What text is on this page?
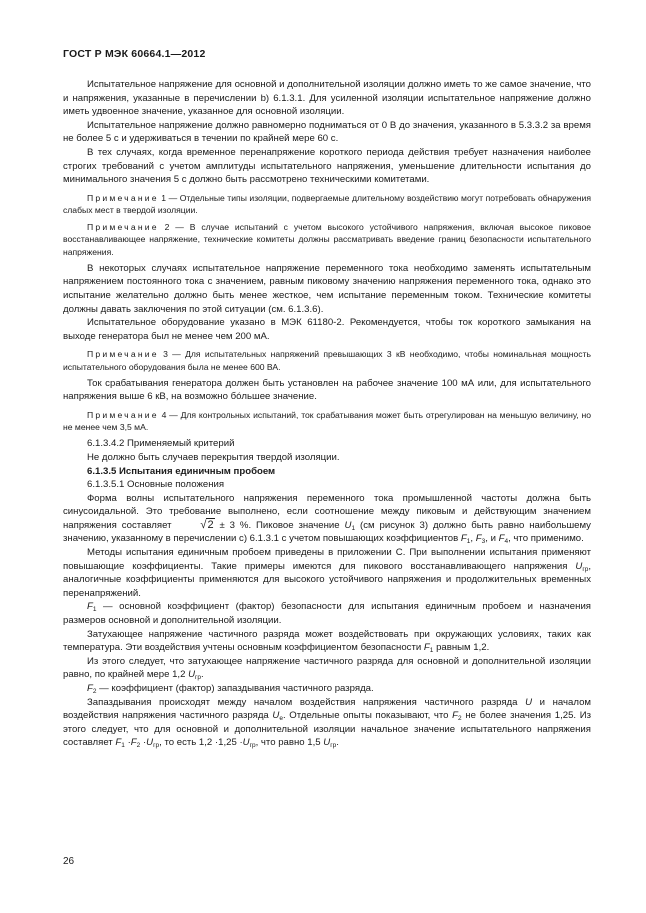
ГОСТ Р МЭК 60664.1—2012

Испытательное напряжение для основной и дополнительной изоляции должно иметь то же самое значение, что и напряжения, указанные в перечислении b) 6.1.3.1. Для усиленной изоляции испытательное напряжение должно иметь удвоенное значение, указанное для основной изоляции.

Испытательное напряжение должно равномерно подниматься от 0 В до значения, указанного в 5.3.3.2 за время не более 5 с и удерживаться в течении по крайней мере 60 с.

В тех случаях, когда временное перенапряжение короткого периода действия требует назначения наиболее строгих требований с учетом амплитуды испытательного напряжения, уменьшение длительности испытания до минимального значения 5 с должно быть рассмотрено техническими комитетами.

Примечание 1 — Отдельные типы изоляции, подвергаемые длительному воздействию могут потребовать обнаружения слабых мест в твердой изоляции.

Примечание 2 — В случае испытаний с учетом высокого устойчивого напряжения, включая высокое пиковое восстанавливающее напряжение, технические комитеты должны рассматривать введение границ безопасности испытательного напряжения.

В некоторых случаях испытательное напряжение переменного тока необходимо заменять испытательным напряжением постоянного тока с значением, равным пиковому значению напряжения переменного тока, однако это испытание желательно должно быть менее жесткое, чем испытание переменным током. Технические комитеты должны давать заключения по этой ситуации (см. 6.1.3.6).

Испытательное оборудование указано в МЭК 61180-2. Рекомендуется, чтобы ток короткого замыкания на выходе генератора был не менее чем 200 мА.

Примечание 3 — Для испытательных напряжений превышающих 3 кВ необходимо, чтобы номинальная мощность испытательного оборудования была не менее 600 ВА.

Ток срабатывания генератора должен быть установлен на рабочее значение 100 мА или, для испытательного напряжения выше 6 кВ, на возможно бóльшее значение.

Примечание 4 — Для контрольных испытаний, ток срабатывания может быть отрегулирован на меньшую величину, но не менее чем 3,5 мА.

6.1.3.4.2 Применяемый критерий

Не должно быть случаев перекрытия твердой изоляции.

6.1.3.5 Испытания единичным пробоем

6.1.3.5.1 Основные положения

Форма волны испытательного напряжения переменного тока промышленной частоты должна быть синусоидальной. Это требование выполнено, если соотношение между пиковым и действующим значением напряжения составляет	√2 ± 3 %. Пиковое значение $U_1$ (см рисунок 3) должно быть равно наибольшему значению, указанному в перечислении с) 6.1.3.1 с учетом повышающих коэффициентов $F_1$, $F_3$, и $F_4$, что применимо.

Методы испытания единичным пробоем приведены в приложении С. При выполнении испытания применяют повышающие коэффициенты. Такие примеры имеются для пикового восстанавливающего напряжения $U_{гр}$, аналогичные коэффициенты применяются для высокого устойчивого напряжения и продолжительных временных перенапряжений.

$F_1$ — основной коэффициент (фактор) безопасности для испытания единичным пробоем и назначения размеров основной и дополнительной изоляции.

Затухающее напряжение частичного разряда может воздействовать при окружающих условиях, таких как температура. Эти воздействия учтены основным коэффициентом безопасности $F_1$ равным 1,2.

Из этого следует, что затухающее напряжение частичного разряда для основной и дополнительной изоляции равно, по крайней мере 1,2 $U_{гр}$.

$F_2$ — коэффициент (фактор) запаздывания частичного разряда.

Запаздывания происходят между началом воздействия напряжения частичного разряда U и началом воздействия напряжения частичного разряда $U_e$. Отдельные опыты показывают, что $F_2$ не более значения 1,25. Из этого следует, что для основной и дополнительной изоляции начальное значение испытательного напряжения составляет $F_1 \cdot F_2 \cdot U_{гр}$, то есть $1,2 \cdot 1,25 \cdot U_{гр}$, что равно 1,5 $U_{гр}$.

26
